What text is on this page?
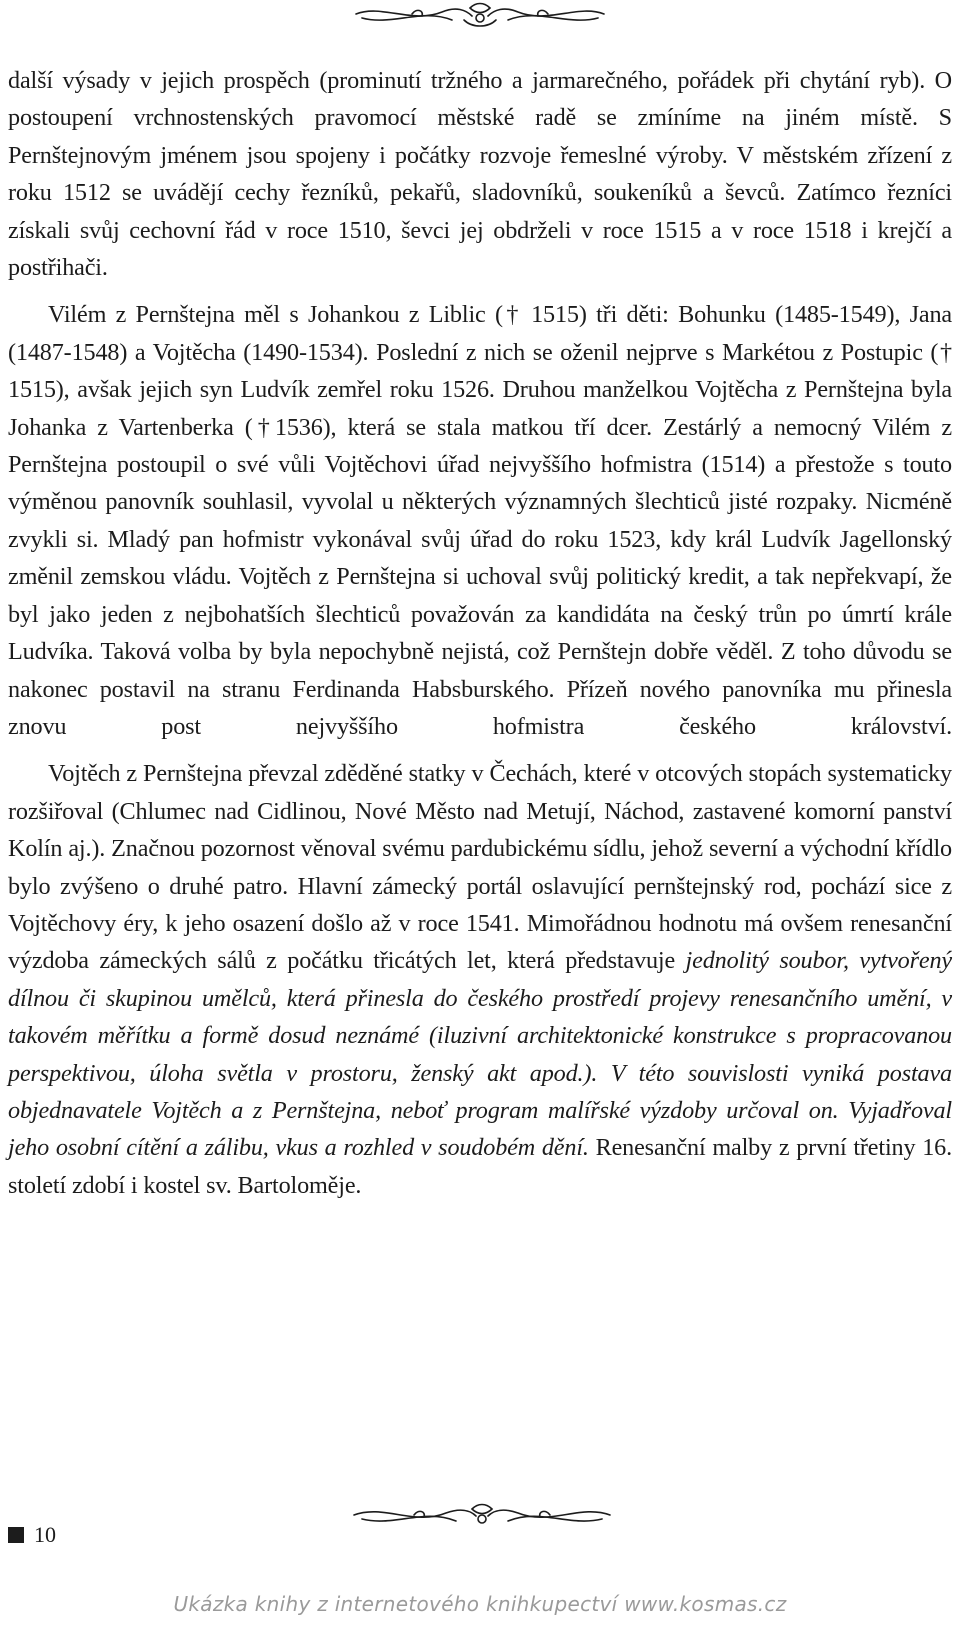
další výsady v jejich prospěch (prominutí tržného a jarmarečného, pořádek při chytání ryb). O postoupení vrchnostenských pravomocí městské radě se zmíníme na jiném místě. S Pernštejnovým jménem jsou spojeny i počátky rozvoje řemeslné výroby. V městském zřízení z roku 1512 se uvádějí cechy řezníků, pekařů, sladovníků, soukeníků a ševců. Zatímco řezníci získali svůj cechovní řád v roce 1510, ševci jej obdrželi v roce 1515 a v roce 1518 i krejčí a postřihači.

Vilém z Pernštejna měl s Johankou z Liblic († 1515) tři děti: Bohunku (1485-1549), Jana (1487-1548) a Vojtěcha (1490-1534). Poslední z nich se oženil nejprve s Markétou z Postupic († 1515), avšak jejich syn Ludvík zemřel roku 1526. Druhou manželkou Vojtěcha z Pernštejna byla Johanka z Vartenberka (†1536), která se stala matkou tří dcer. Zestárlý a nemocný Vilém z Pernštejna postoupil o své vůli Vojtěchovi úřad nejvyššího hofmistra (1514) a přestože s touto výměnou panovník souhlasil, vyvolal u některých významných šlechticů jisté rozpaky. Nicméně zvykli si. Mladý pan hofmistr vykonával svůj úřad do roku 1523, kdy král Ludvík Jagellonský změnil zemskou vládu. Vojtěch z Pernštejna si uchoval svůj politický kredit, a tak nepřekvapí, že byl jako jeden z nejbohatších šlechticů považován za kandidáta na český trůn po úmrtí krále Ludvíka. Taková volba by byla nepochybně nejistá, což Pernštejn dobře věděl. Z toho důvodu se nakonec postavil na stranu Ferdinanda Habsburského. Přízeň nového panovníka mu přinesla znovu post nejvyššího hofmistra českého království.

Vojtěch z Pernštejna převzal zděděné statky v Čechách, které v otcových stopách systematicky rozšiřoval (Chlumec nad Cidlinou, Nové Město nad Metují, Náchod, zastavené komorní panství Kolín aj.). Značnou pozornost věnoval svému pardubickému sídlu, jehož severní a východní křídlo bylo zvýšeno o druhé patro. Hlavní zámecký portál oslavující pernštejnský rod, pochází sice z Vojtěchovy éry, k jeho osazení došlo až v roce 1541. Mimořádnou hodnotu má ovšem renesanční výzdoba zámeckých sálů z počátku třicátých let, která představuje jednolitý soubor, vytvořený dílnou či skupinou umělců, která přinesla do českého prostředí projevy renesančního umění, v takovém měřítku a formě dosud neznámé (iluzivní architektonické konstrukce s propracovanou perspektivou, úloha světla v prostoru, ženský akt apod.). V této souvislosti vyniká postava objednavatele Vojtěch a z Pernštejna, neboť program malířské výzdoby určoval on. Vyjadřoval jeho osobní cítění a zálibu, vkus a rozhled v soudobém dění. Renesanční malby z první třetiny 16. století zdobí i kostel sv. Bartoloměje.

10
Ukázka knihy z internetového knihkupectví www.kosmas.cz
